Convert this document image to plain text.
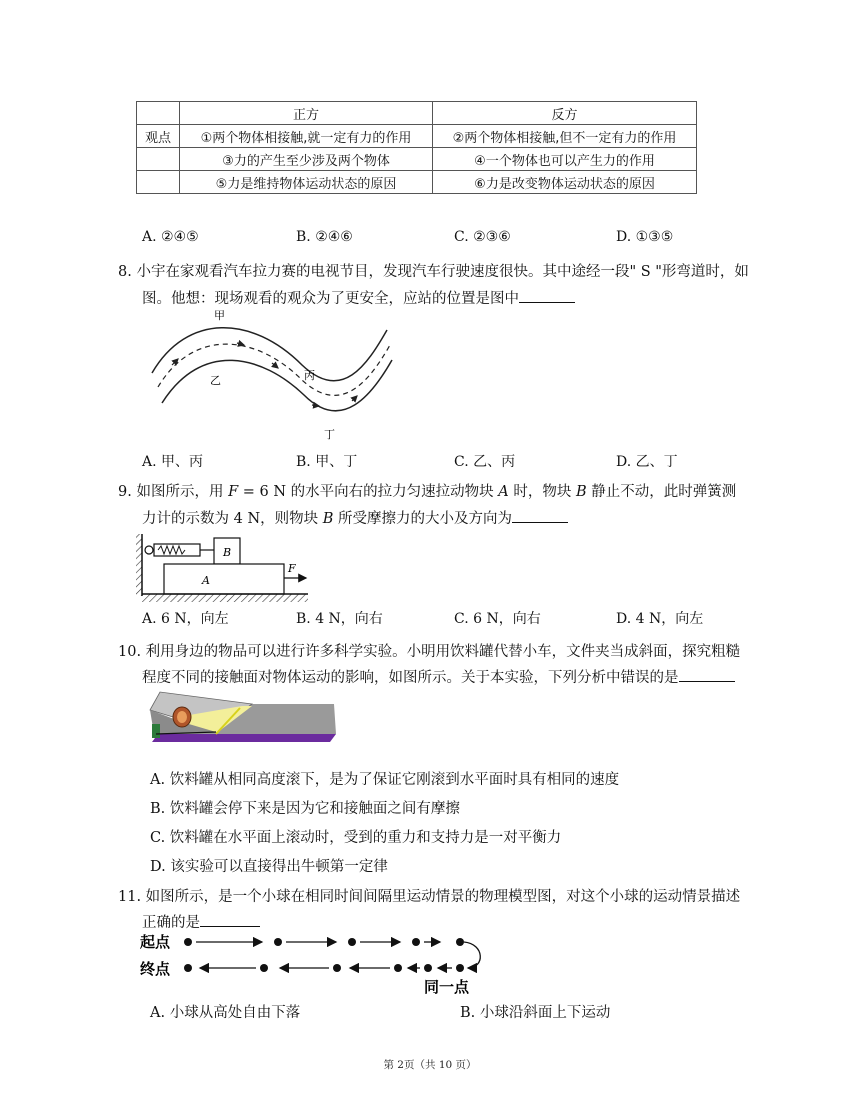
	正方	反方
观点	①两个物体相接触,就一定有力的作用	②两个物体相接触,但不一定有力的作用
	③力的产生至少涉及两个物体	④一个物体也可以产生力的作用
	⑤力是维持物体运动状态的原因	⑥力是改变物体运动状态的原因
A. ②④⑤	B. ②④⑥	C. ②③⑥	D. ①③⑤
8. 小宇在家观看汽车拉力赛的电视节目，发现汽车行驶速度很快。其中途经一段" S "形弯道时，如
图。他想：现场观看的观众为了更安全，应站的位置是图中
甲
乙	丙
丁
A. 甲、丙	B. 甲、丁	C. 乙、丙	D. 乙、丁
9. 如图所示，用 F = 6 N 的水平向右的拉力匀速拉动物块 A 时，物块 B 静止不动，此时弹簧测
力计的示数为 4 N，则物块 B 所受摩擦力的大小及方向为
B
A
F
A. 6 N，向左	B. 4 N，向右	C. 6 N，向右	D. 4 N，向左
10. 利用身边的物品可以进行许多科学实验。小明用饮料罐代替小车，文件夹当成斜面，探究粗糙
程度不同的接触面对物体运动的影响，如图所示。关于本实验，下列分析中错误的是
A. 饮料罐从相同高度滚下，是为了保证它刚滚到水平面时具有相同的速度
B. 饮料罐会停下来是因为它和接触面之间有摩擦
C. 饮料罐在水平面上滚动时，受到的重力和支持力是一对平衡力
D. 该实验可以直接得出牛顿第一定律
11. 如图所示，是一个小球在相同时间间隔里运动情景的物理模型图，对这个小球的运动情景描述
正确的是
起点
终点
同一点
A. 小球从高处自由下落	B. 小球沿斜面上下运动
第 2页（共 10 页）
